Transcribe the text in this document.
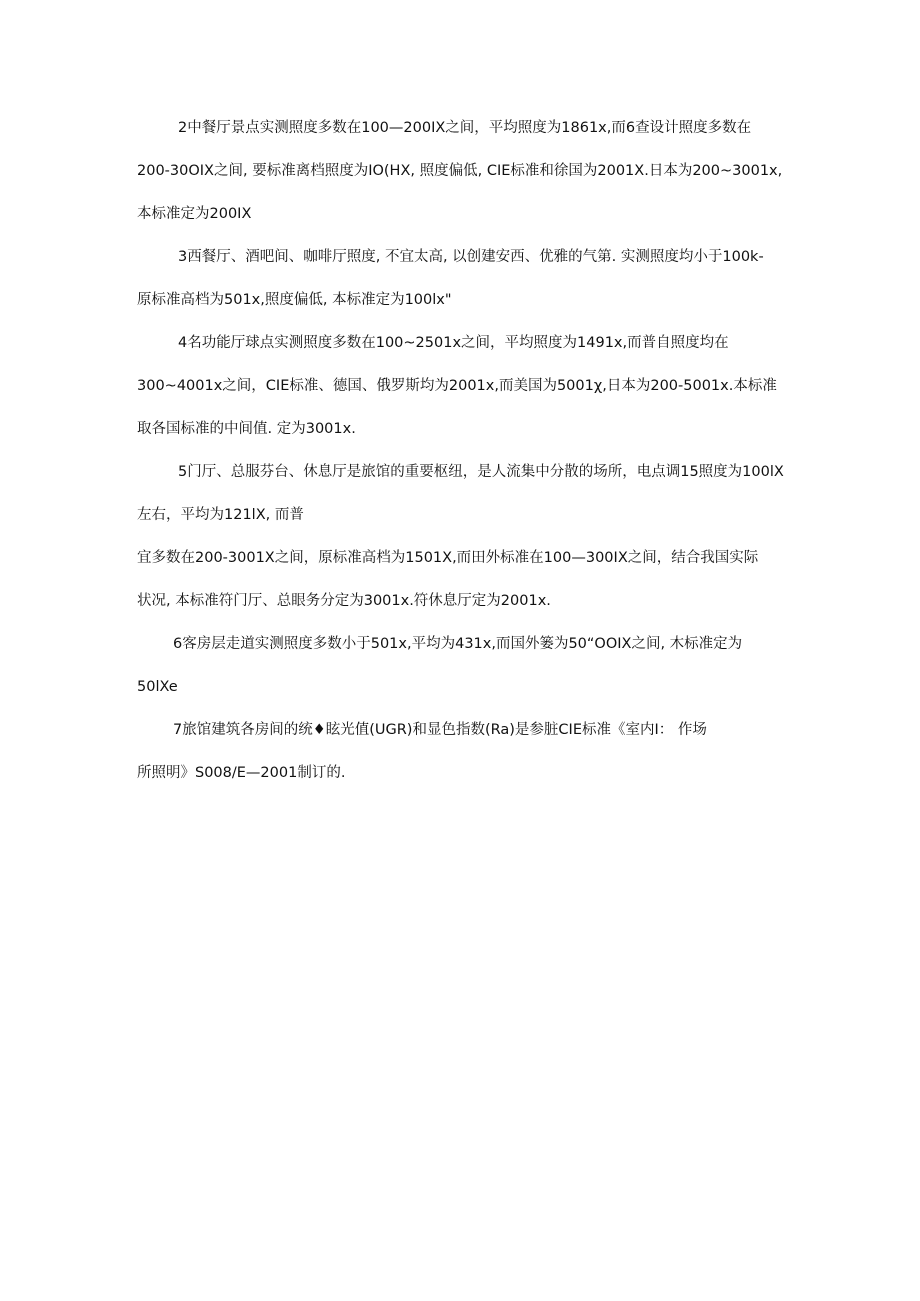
2中餐厅景点实测照度多数在100—200IX之间，平均照度为1861x,而6查设计照度多数在
200-30OIX之间, 要标准离档照度为IO(HX, 照度偏低, CIE标准和徐国为2001X.日本为200~3001x,
本标准定为200IX
3西餐厅、酒吧间、咖啡厅照度, 不宜太高, 以创建安西、优雅的气第. 实测照度均小于100k-
原标准高档为501x,照度偏低, 本标准定为100lx"
4名功能厅球点实测照度多数在100~2501x之间，平均照度为1491x,而普自照度均在
300~4001x之间，CIE标准、德国、俄罗斯均为2001x,而美国为5001χ,日本为200-5001x.本标准
取各国标准的中间值. 定为3001x.
5门厅、总服芬台、休息厅是旅馆的重要枢纽，是人流集中分散的场所，电点调15照度为100lX
左右，平均为121lX, 而普
宜多数在200-3001X之间，原标准高档为1501X,而田外标准在100—300IX之间，结合我国实际
状况, 本标准符门厅、总眼务分定为3001x.符休息厅定为2001x.
6客房层走道实测照度多数小于501x,平均为431x,而国外篓为50“OOIX之间, 木标准定为
50lXe
7旅馆建筑各房间的统♦眩光值(UGR)和显色指数(Ra)是参脏CIE标准《室内I： 作场
所照明》S008/E—2001制订的.
